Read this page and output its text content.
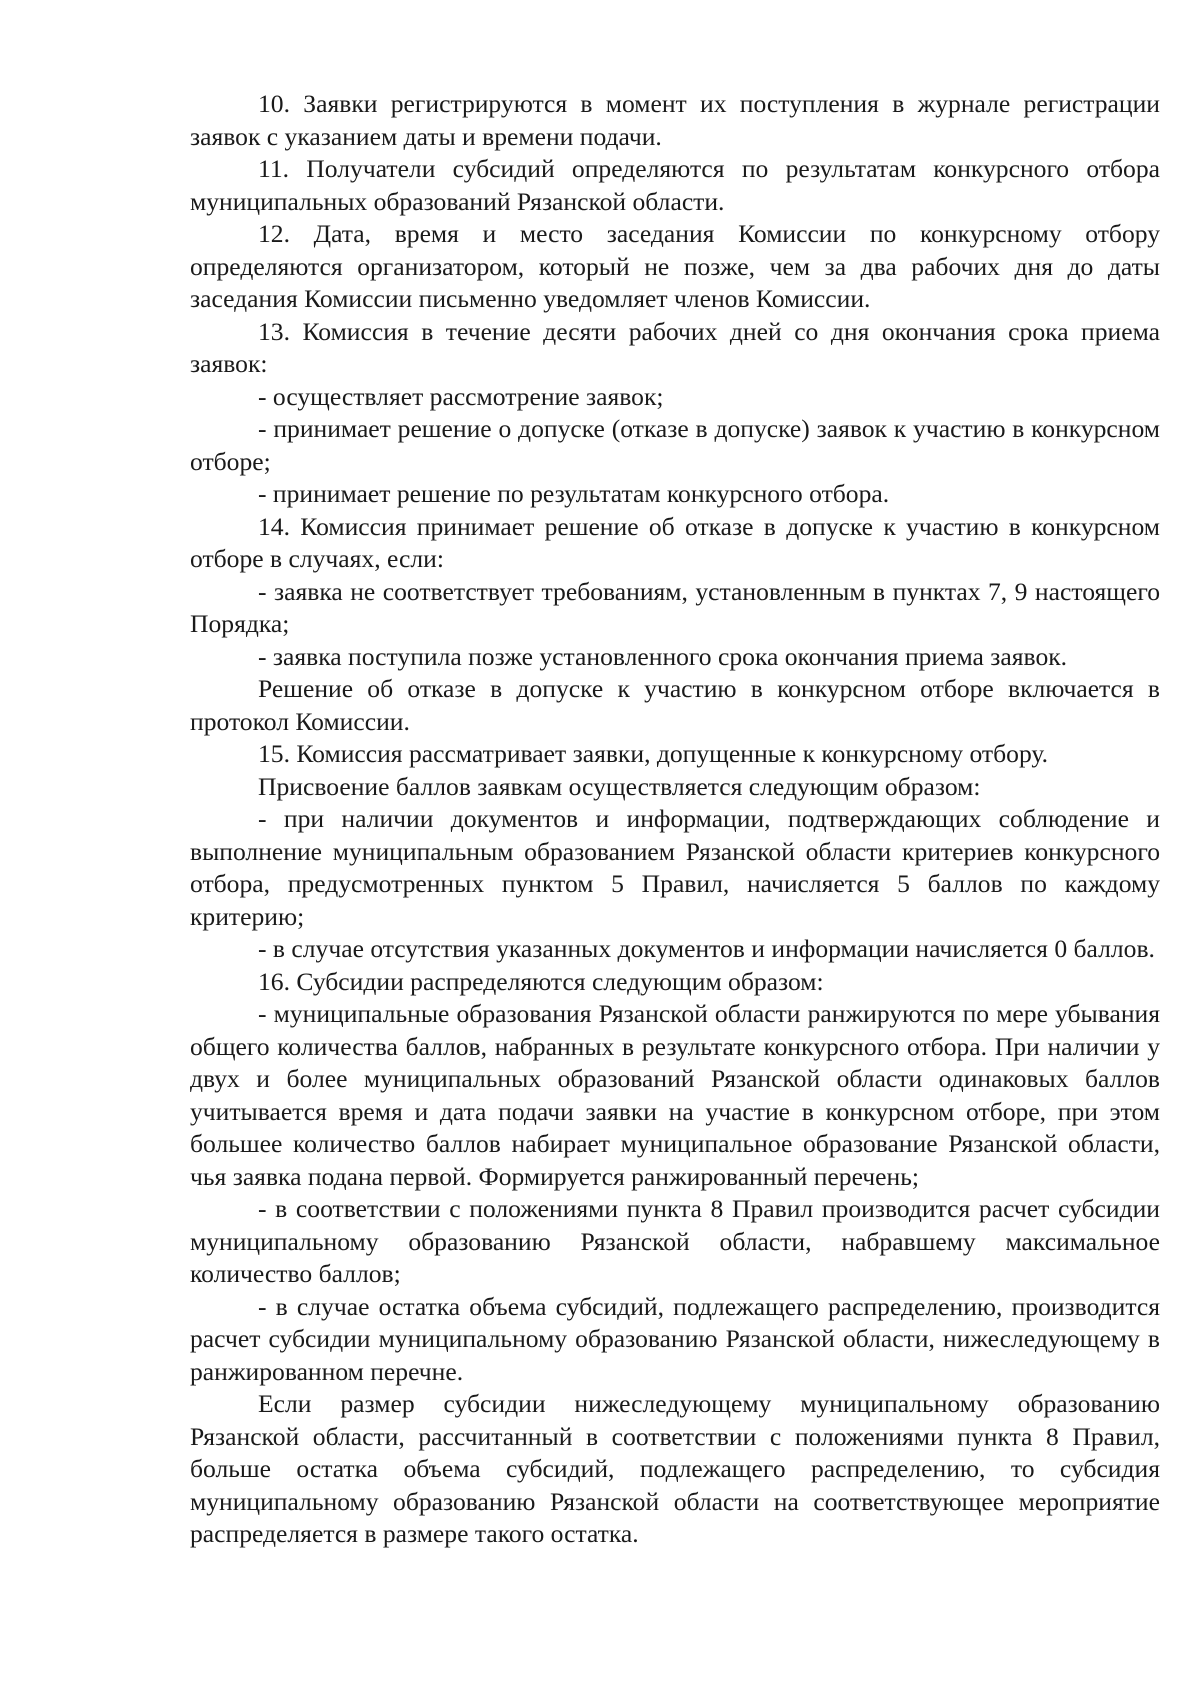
10. Заявки регистрируются в момент их поступления в журнале регистрации заявок с указанием даты и времени подачи.

11. Получатели субсидий определяются по результатам конкурсного отбора муниципальных образований Рязанской области.

12. Дата, время и место заседания Комиссии по конкурсному отбору определяются организатором, который не позже, чем за два рабочих дня до даты заседания Комиссии письменно уведомляет членов Комиссии.

13. Комиссия в течение десяти рабочих дней со дня окончания срока приема заявок:

- осуществляет рассмотрение заявок;

- принимает решение о допуске (отказе в допуске) заявок к участию в конкурсном отборе;

- принимает решение по результатам конкурсного отбора.

14. Комиссия принимает решение об отказе в допуске к участию в конкурсном отборе в случаях, если:

- заявка не соответствует требованиям, установленным в пунктах 7, 9 настоящего Порядка;

- заявка поступила позже установленного срока окончания приема заявок.

Решение об отказе в допуске к участию в конкурсном отборе включается в протокол Комиссии.

15. Комиссия рассматривает заявки, допущенные к конкурсному отбору.

Присвоение баллов заявкам осуществляется следующим образом:

- при наличии документов и информации, подтверждающих соблюдение и выполнение муниципальным образованием Рязанской области критериев конкурсного отбора, предусмотренных пунктом 5 Правил, начисляется 5 баллов по каждому критерию;

- в случае отсутствия указанных документов и информации начисляется 0 баллов.

16. Субсидии распределяются следующим образом:

- муниципальные образования Рязанской области ранжируются по мере убывания общего количества баллов, набранных в результате конкурсного отбора. При наличии у двух и более муниципальных образований Рязанской области одинаковых баллов учитывается время и дата подачи заявки на участие в конкурсном отборе, при этом большее количество баллов набирает муниципальное образование Рязанской области, чья заявка подана первой. Формируется ранжированный перечень;

- в соответствии с положениями пункта 8 Правил производится расчет субсидии муниципальному образованию Рязанской области, набравшему максимальное количество баллов;

- в случае остатка объема субсидий, подлежащего распределению, производится расчет субсидии муниципальному образованию Рязанской области, нижеследующему в ранжированном перечне.

Если размер субсидии нижеследующему муниципальному образованию Рязанской области, рассчитанный в соответствии с положениями пункта 8 Правил, больше остатка объема субсидий, подлежащего распределению, то субсидия муниципальному образованию Рязанской области на соответствующее мероприятие распределяется в размере такого остатка.
